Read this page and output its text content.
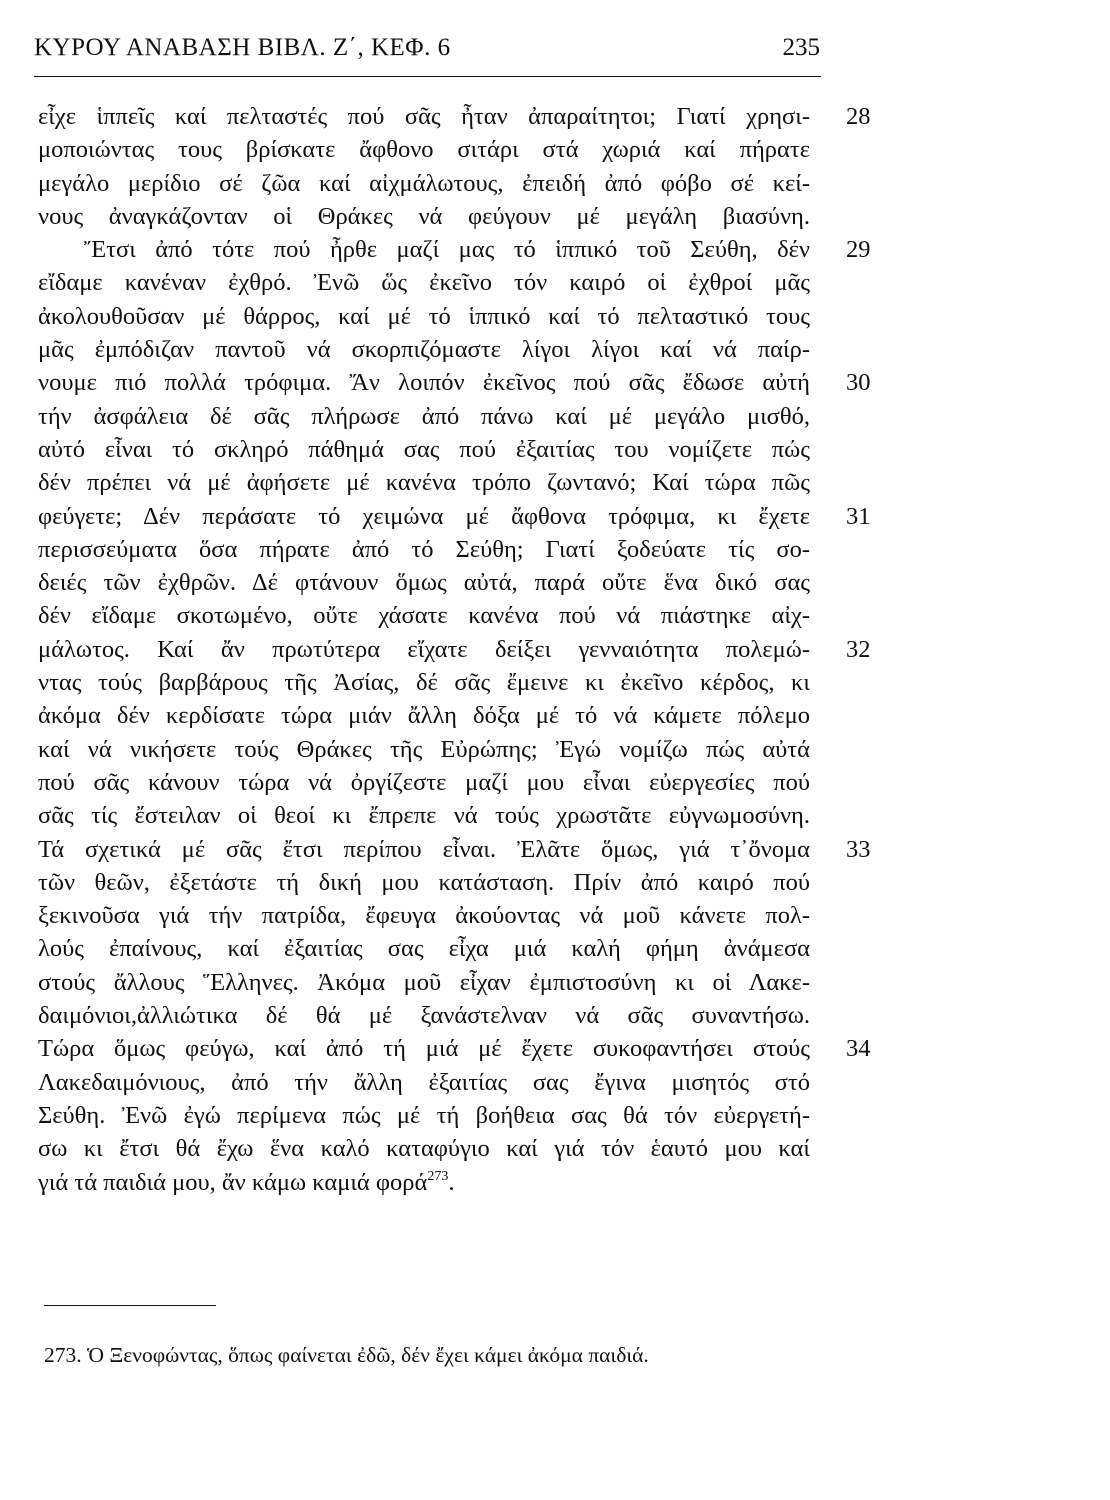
ΚΥΡΟΥ ΑΝΑΒΑΣΗ ΒΙΒΛ. Ζ΄, ΚΕΦ. 6	235
εἶχε ἱππεῖς καί πελταστές πού σᾶς ἦταν ἀπαραίτητοι; Γιατί χρησι- 28
μοποιώντας τους βρίσκατε ἄφθονο σιτάρι στά χωριά καί πήρατε
μεγάλο μερίδιο σέ ζῶα καί αἰχμάλωτους, ἐπειδή ἀπό φόβο σέ κεί-
νους ἀναγκάζονταν οἱ Θράκες νά φεύγουν μέ μεγάλη βιασύνη.
Ἔτσι ἀπό τότε πού ἦρθε μαζί μας τό ἱππικό τοῦ Σεύθη, δέν 29
εἴδαμε κανέναν ἐχθρό. Ἐνῶ ὥς ἐκεῖνο τόν καιρό οἱ ἐχθροί μᾶς
ἀκολουθοῦσαν μέ θάρρος, καί μέ τό ἱππικό καί τό πελταστικό τους
μᾶς ἐμπόδιζαν παντοῦ νά σκορπιζόμαστε λίγοι λίγοι καί νά παίρ-
νουμε πιό πολλά τρόφιμα. Ἄν λοιπόν ἐκεῖνος πού σᾶς ἔδωσε αὐτή 30
τήν ἀσφάλεια δέ σᾶς πλήρωσε ἀπό πάνω καί μέ μεγάλο μισθό,
αὐτό εἶναι τό σκληρό πάθημά σας πού ἐξαιτίας του νομίζετε πώς
δέν πρέπει νά μέ ἀφήσετε μέ κανένα τρόπο ζωντανό; Καί τώρα πῶς
φεύγετε; Δέν περάσατε τό χειμώνα μέ ἄφθονα τρόφιμα, κι ἔχετε 31
περισσεύματα ὅσα πήρατε ἀπό τό Σεύθη; Γιατί ξοδεύατε τίς σο-
δειές τῶν ἐχθρῶν. Δέ φτάνουν ὅμως αὐτά, παρά οὔτε ἕνα δικό σας
δέν εἴδαμε σκοτωμένο, οὔτε χάσατε κανένα πού νά πιάστηκε αἰχ-
μάλωτος. Καί ἄν πρωτύτερα εἴχατε δείξει γενναιότητα πολεμώ- 32
ντας τούς βαρβάρους τῆς Ἀσίας, δέ σᾶς ἔμεινε κι ἐκεῖνο κέρδος, κι
ἀκόμα δέν κερδίσατε τώρα μιάν ἄλλη δόξα μέ τό νά κάμετε πόλεμο
καί νά νικήσετε τούς Θράκες τῆς Εὐρώπης; Ἐγώ νομίζω πώς αὐτά
πού σᾶς κάνουν τώρα νά ὀργίζεστε μαζί μου εἶναι εὐεργεσίες πού
σᾶς τίς ἔστειλαν οἱ θεοί κι ἔπρεπε νά τούς χρωστᾶτε εὐγνωμοσύνη.
Τά σχετικά μέ σᾶς ἔτσι περίπου εἶναι. Ἐλᾶτε ὅμως, γιά τ᾽ὄνομα 33
τῶν θεῶν, ἐξετάστε τή δική μου κατάσταση. Πρίν ἀπό καιρό πού
ξεκινοῦσα γιά τήν πατρίδα, ἔφευγα ἀκούοντας νά μοῦ κάνετε πολ-
λούς ἐπαίνους, καί ἐξαιτίας σας εἶχα μιά καλή φήμη ἀνάμεσα
στούς ἄλλους Ἕλληνες. Ἀκόμα μοῦ εἶχαν ἐμπιστοσύνη κι οἱ Λακε-
δαιμόνιοι,ἀλλιώτικα δέ θά μέ ξανάστελναν νά σᾶς συναντήσω.
Τώρα ὅμως φεύγω, καί ἀπό τή μιά μέ ἔχετε συκοφαντήσει στούς 34
Λακεδαιμόνιους, ἀπό τήν ἄλλη ἐξαιτίας σας ἔγινα μισητός στό
Σεύθη. Ἐνῶ ἐγώ περίμενα πώς μέ τή βοήθεια σας θά τόν εὐεργετή-
σω κι ἔτσι θά ἔχω ἕνα καλό καταφύγιο καί γιά τόν ἑαυτό μου καί
γιά τά παιδιά μου, ἄν κάμω καμιά φορά$^{273}$.
273. Ὁ Ξενοφώντας, ὅπως φαίνεται ἐδῶ, δέν ἔχει κάμει ἀκόμα παιδιά.
